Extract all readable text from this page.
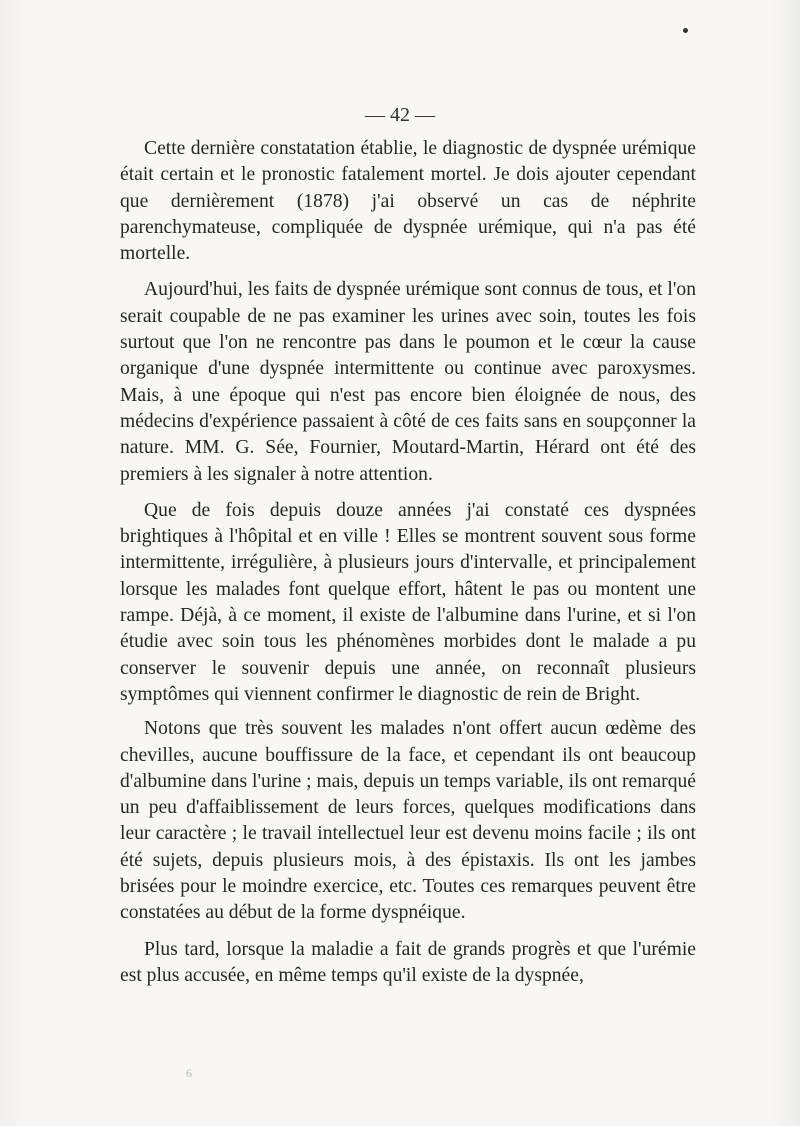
— 42 —

Cette dernière constatation établie, le diagnostic de dyspnée urémique était certain et le pronostic fatalement mortel. Je dois ajouter cependant que dernièrement (1878) j'ai observé un cas de néphrite parenchymateuse, compliquée de dyspnée urémique, qui n'a pas été mortelle.

Aujourd'hui, les faits de dyspnée urémique sont connus de tous, et l'on serait coupable de ne pas examiner les urines avec soin, toutes les fois surtout que l'on ne rencontre pas dans le poumon et le cœur la cause organique d'une dyspnée intermittente ou continue avec paroxysmes. Mais, à une époque qui n'est pas encore bien éloignée de nous, des médecins d'expérience passaient à côté de ces faits sans en soupçonner la nature. MM. G. Sée, Fournier, Moutard-Martin, Hérard ont été des premiers à les signaler à notre attention.

Que de fois depuis douze années j'ai constaté ces dyspnées brightiques à l'hôpital et en ville ! Elles se montrent souvent sous forme intermittente, irrégulière, à plusieurs jours d'intervalle, et principalement lorsque les malades font quelque effort, hâtent le pas ou montent une rampe. Déjà, à ce moment, il existe de l'albumine dans l'urine, et si l'on étudie avec soin tous les phénomènes morbides dont le malade a pu conserver le souvenir depuis une année, on reconnaît plusieurs symptômes qui viennent confirmer le diagnostic de rein de Bright.

Notons que très souvent les malades n'ont offert aucun œdème des chevilles, aucune bouffissure de la face, et cependant ils ont beaucoup d'albumine dans l'urine ; mais, depuis un temps variable, ils ont remarqué un peu d'affaiblissement de leurs forces, quelques modifications dans leur caractère ; le travail intellectuel leur est devenu moins facile ; ils ont été sujets, depuis plusieurs mois, à des épistaxis. Ils ont les jambes brisées pour le moindre exercice, etc. Toutes ces remarques peuvent être constatées au début de la forme dyspnéique.

Plus tard, lorsque la maladie a fait de grands progrès et que l'urémie est plus accusée, en même temps qu'il existe de la dyspnée,

6
